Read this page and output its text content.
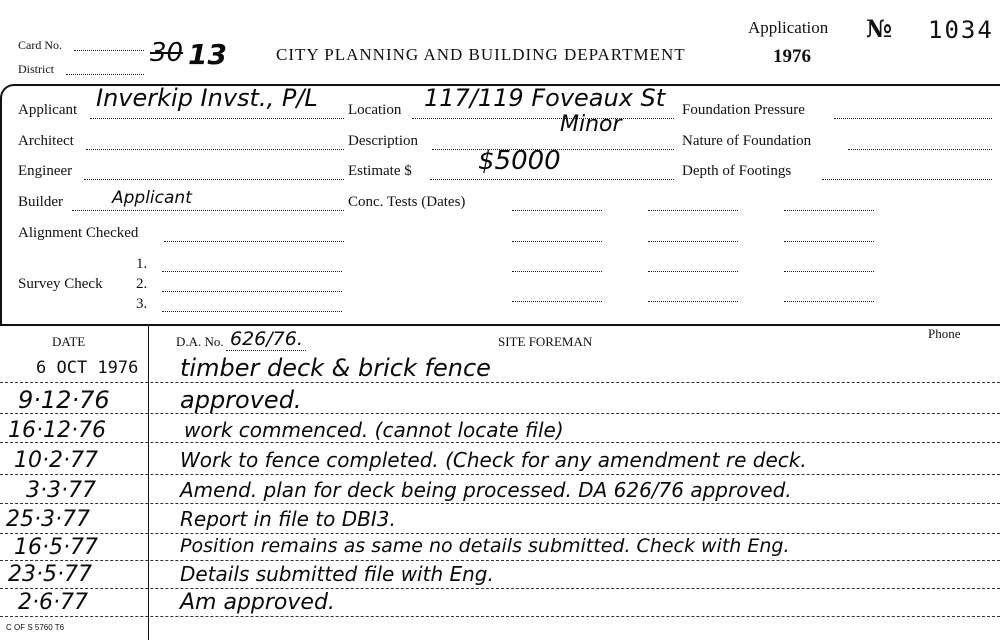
Card No.
District
30 13	CITY PLANNING AND BUILDING DEPARTMENT
Application
1976
№ 1034
Applicant Inverkip Invst., P/L
Architect
Engineer
Builder	Applicant
Alignment Checked
Survey Check
1.
2.
3.
Location 117/119 Foveaux St
Description
Minor
Estimate $	$5000
Conc. Tests (Dates)
Foundation Pressure
Nature of Foundation
Depth of Footings
DATE	D.A. No. 626/76.	SITE FOREMAN
Phone
6 OCT 1976 timber deck & brick fence
9·12·76	approved.
16·12·76	work commenced. (cannot locate file)
10·2·77	Work to fence completed. (Check for any amendment re deck.
3·3·77	Amend. plan for deck being processed. DA 626/76 approved.
25·3·77	Report in file to DBI3.
16·5·77	Position remains as same no details submitted. Check with Eng.
23·5·77	Details submitted file with Eng.
2·6·77	Am approved.
C OF S 5760 T6
